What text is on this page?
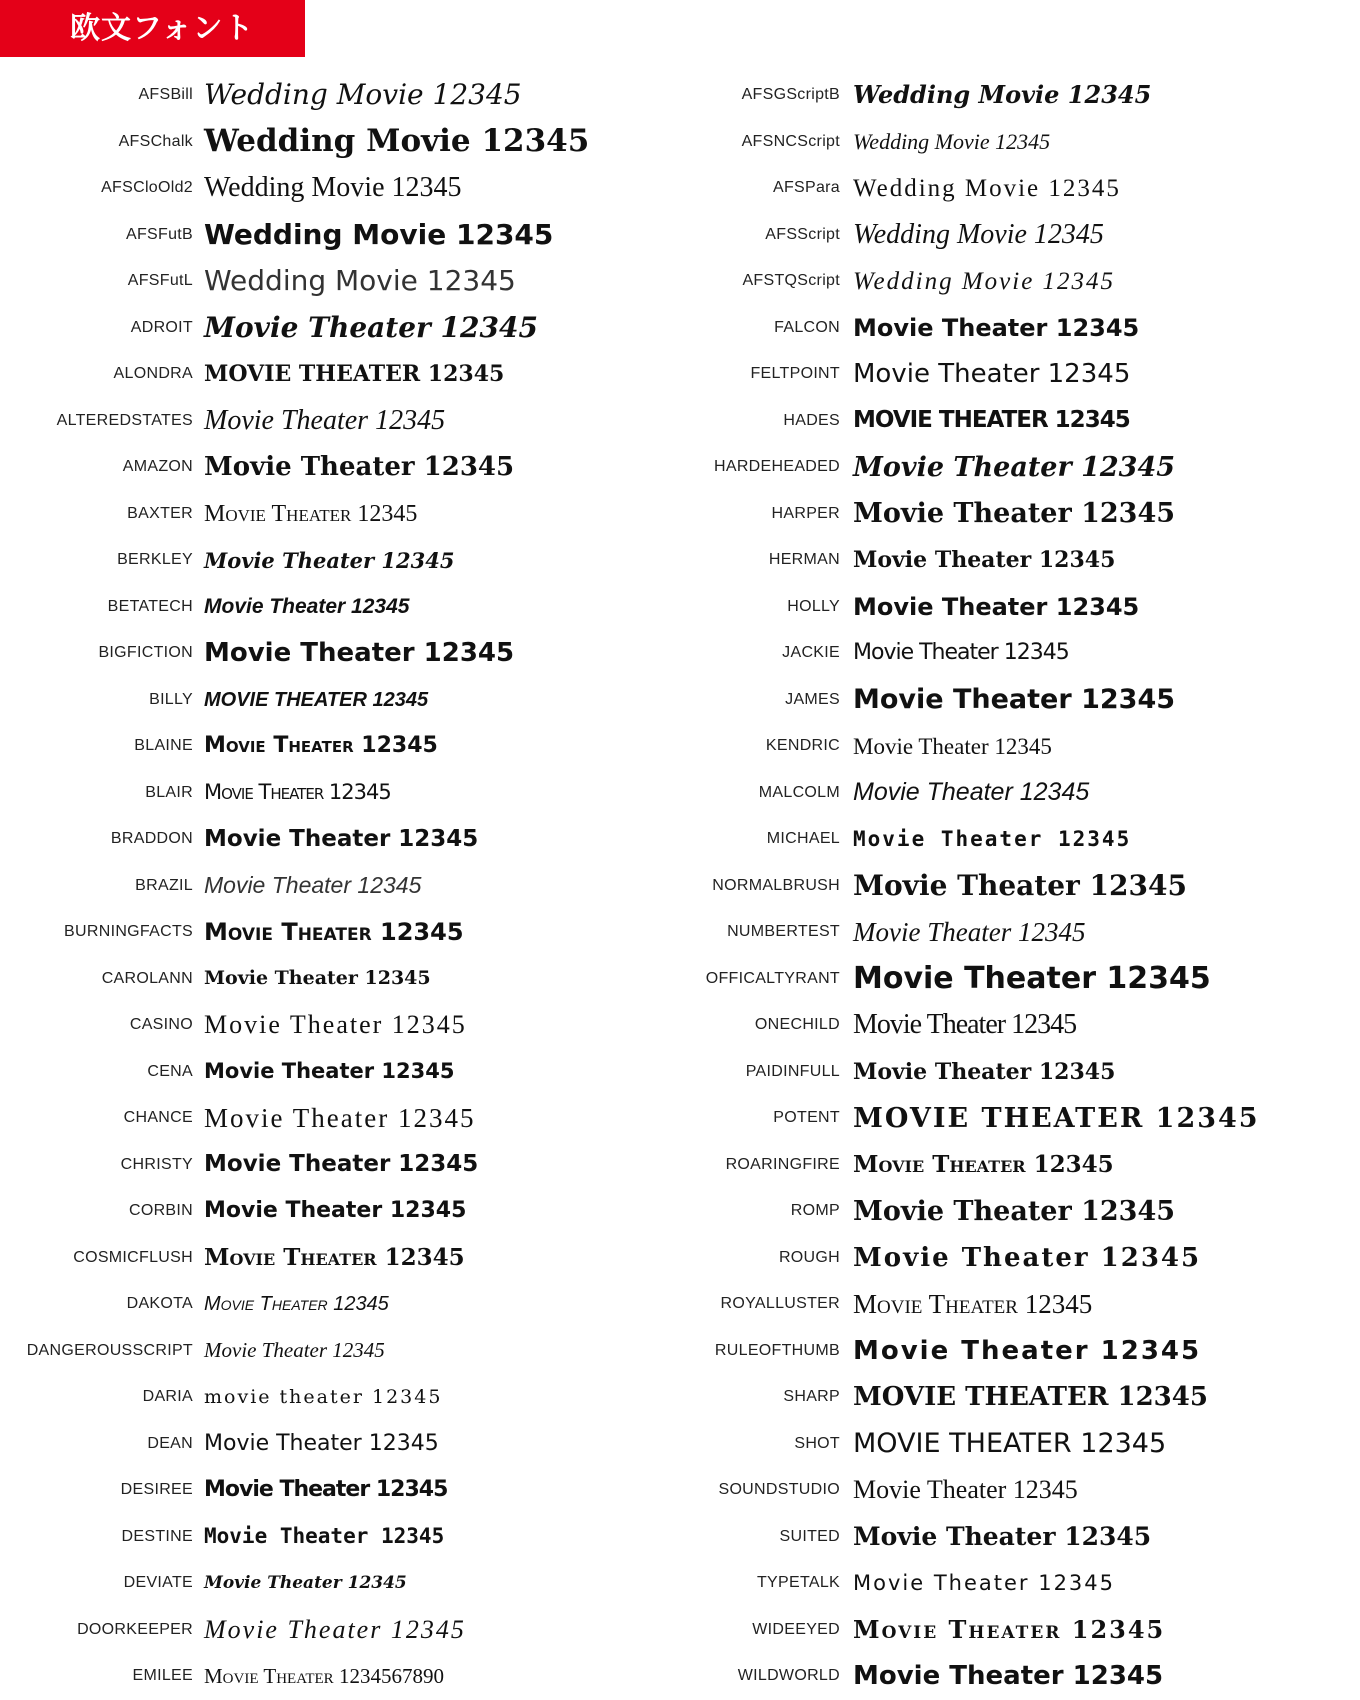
欧文フォント
AFSBill Wedding Movie 12345
AFSChalk Wedding Movie 12345
AFSCloOld2 Wedding Movie 12345
AFSFutB Wedding Movie 12345
AFSFutL Wedding Movie 12345
ADROIT Movie Theater 12345
ALONDRA MOVIE THEATER 12345
ALTEREDSTATES Movie Theater 12345
AMAZON Movie Theater 12345
BAXTER Movie Theater 12345
BERKLEY Movie Theater 12345
BETATECH Movie Theater 12345
BIGFICTION Movie Theater 12345
BILLY MOVIE THEATER 12345
BLAINE Movie Theater 12345
BLAIR Movie Theater 12345
BRADDON Movie Theater 12345
BRAZIL Movie Theater 12345
BURNINGFACTS Movie Theater 12345
CAROLANN Movie Theater 12345
CASINO Movie Theater 12345
CENA Movie Theater 12345
CHANCE Movie Theater 12345
CHRISTY Movie Theater 12345
CORBIN Movie Theater 12345
COSMICFLUSH Movie Theater 12345
DAKOTA Movie Theater 12345
DANGEROUSSCRIPT Movie Theater 12345
DARIA movie theater 12345
DEAN Movie Theater 12345
DESIREE Movie Theater 12345
DESTINE Movie Theater 12345
DEVIATE Movie Theater 12345
DOORKEEPER Movie Theater 12345
EMILEE Movie Theater 1234567890
AFSGScriptB Wedding Movie 12345
AFSNCScript Wedding Movie 12345
AFSPara Wedding Movie 12345
AFSScript Wedding Movie 12345
AFSTQScript Wedding Movie 12345
FALCON Movie Theater 12345
FELTPOINT Movie Theater 12345
HADES MOVIE THEATER 12345
HARDEHEADED Movie Theater 12345
HARPER Movie Theater 12345
HERMAN Movie Theater 12345
HOLLY Movie Theater 12345
JACKIE Movie Theater 12345
JAMES Movie Theater 12345
KENDRIC Movie Theater 12345
MALCOLM Movie Theater 12345
MICHAEL Movie Theater 12345
NORMALBRUSH Movie Theater 12345
NUMBERTEST Movie Theater 12345
OFFICALTYRANT Movie Theater 12345
ONECHILD Movie Theater 12345
PAIDINFULL Movie Theater 12345
POTENT MOVIE THEATER 12345
ROARINGFIRE Movie Theater 12345
ROMP Movie Theater 12345
ROUGH Movie Theater 12345
ROYALLUSTER Movie Theater 12345
RULEOFTHUMB Movie Theater 12345
SHARP MOVIE THEATER 12345
SHOT MOVIE THEATER 12345
SOUNDSTUDIO Movie Theater 12345
SUITED Movie Theater 12345
TYPETALK Movie Theater 12345
WIDEEYED Movie Theater 12345
WILDWORLD Movie Theater 12345
